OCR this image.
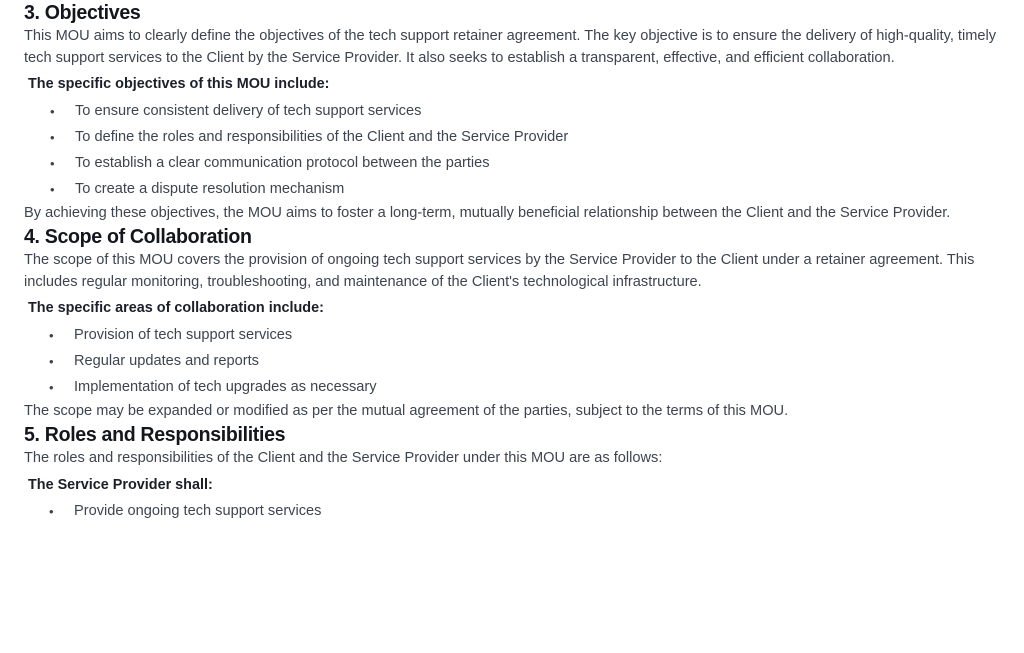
3. Objectives

This MOU aims to clearly define the objectives of the tech support retainer agreement. The key objective is to ensure the delivery of high-quality, timely tech support services to the Client by the Service Provider. It also seeks to establish a transparent, effective, and efficient collaboration.

The specific objectives of this MOU include:

• To ensure consistent delivery of tech support services
• To define the roles and responsibilities of the Client and the Service Provider
• To establish a clear communication protocol between the parties
• To create a dispute resolution mechanism

By achieving these objectives, the MOU aims to foster a long-term, mutually beneficial relationship between the Client and the Service Provider.

4. Scope of Collaboration

The scope of this MOU covers the provision of ongoing tech support services by the Service Provider to the Client under a retainer agreement. This includes regular monitoring, troubleshooting, and maintenance of the Client's technological infrastructure.

The specific areas of collaboration include:

• Provision of tech support services
• Regular updates and reports
• Implementation of tech upgrades as necessary

The scope may be expanded or modified as per the mutual agreement of the parties, subject to the terms of this MOU.

5. Roles and Responsibilities

The roles and responsibilities of the Client and the Service Provider under this MOU are as follows:

The Service Provider shall:

• Provide ongoing tech support services
